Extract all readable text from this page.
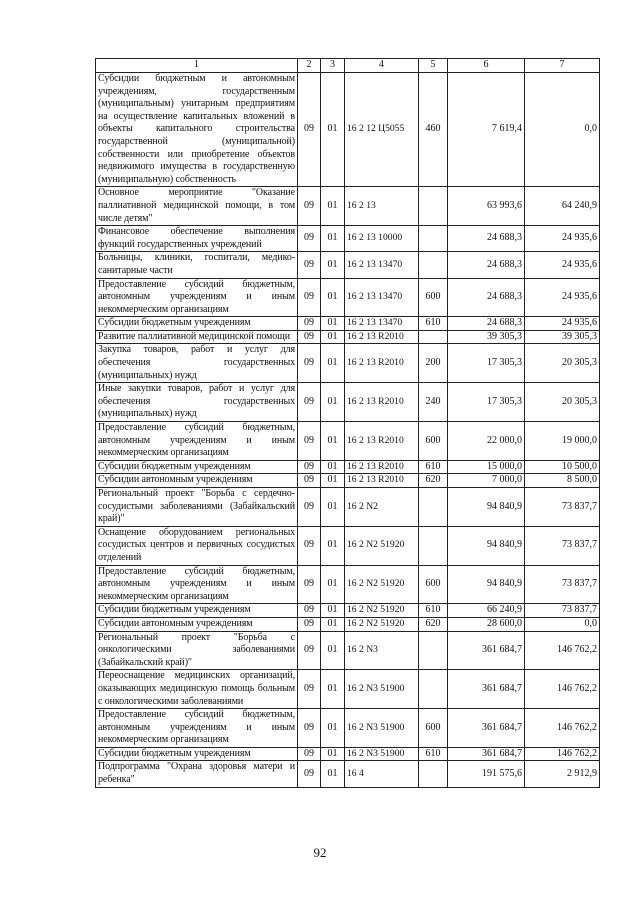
1	2	3	4	5	6	7
Субсидии бюджетным и автономным учреждениям, государственным (муниципальным) унитарным предприятиям на осуществление капитальных вложений в объекты капитального строительства государственной (муниципальной) собственности или приобретение объектов недвижимого имущества в государственную (муниципальную) собственность	09	01	16 2 12 Ц5055	460	7 619,4	0,0
Основное мероприятие "Оказание паллиативной медицинской помощи, в том числе детям"	09	01	16 2 13		63 993,6	64 240,9
Финансовое обеспечение выполнения функций государственных учреждений	09	01	16 2 13 10000		24 688,3	24 935,6
Больницы, клиники, госпитали, медико-санитарные части	09	01	16 2 13 13470		24 688,3	24 935,6
Предоставление субсидий бюджетным, автономным учреждениям и иным некоммерческим организациям	09	01	16 2 13 13470	600	24 688,3	24 935,6
Субсидии бюджетным учреждениям	09	01	16 2 13 13470	610	24 688,3	24 935,6
Развитие паллиативной медицинской помощи	09	01	16 2 13 R2010		39 305,3	39 305,3
Закупка товаров, работ и услуг для обеспечения государственных (муниципальных) нужд	09	01	16 2 13 R2010	200	17 305,3	20 305,3
Иные закупки товаров, работ и услуг для обеспечения государственных (муниципальных) нужд	09	01	16 2 13 R2010	240	17 305,3	20 305,3
Предоставление субсидий бюджетным, автономным учреждениям и иным некоммерческим организациям	09	01	16 2 13 R2010	600	22 000,0	19 000,0
Субсидии бюджетным учреждениям	09	01	16 2 13 R2010	610	15 000,0	10 500,0
Субсидии автономным учреждениям	09	01	16 2 13 R2010	620	7 000,0	8 500,0
Региональный проект "Борьба с сердечно-сосудистыми заболеваниями (Забайкальский край)"	09	01	16 2 N2		94 840,9	73 837,7
Оснащение оборудованием региональных сосудистых центров и первичных сосудистых отделений	09	01	16 2 N2 51920		94 840,9	73 837,7
Предоставление субсидий бюджетным, автономным учреждениям и иным некоммерческим организациям	09	01	16 2 N2 51920	600	94 840,9	73 837,7
Субсидии бюджетным учреждениям	09	01	16 2 N2 51920	610	66 240,9	73 837,7
Субсидии автономным учреждениям	09	01	16 2 N2 51920	620	28 600,0	0,0
Региональный проект "Борьба с онкологическими заболеваниями (Забайкальский край)"	09	01	16 2 N3		361 684,7	146 762,2
Переоснащение медицинских организаций, оказывающих медицинскую помощь больным с онкологическими заболеваниями	09	01	16 2 N3 51900		361 684,7	146 762,2
Предоставление субсидий бюджетным, автономным учреждениям и иным некоммерческим организациям	09	01	16 2 N3 51900	600	361 684,7	146 762,2
Субсидии бюджетным учреждениям	09	01	16 2 N3 51900	610	361 684,7	146 762,2
Подпрограмма "Охрана здоровья матери и ребенка"	09	01	16 4		191 575,6	2 912,9
92
